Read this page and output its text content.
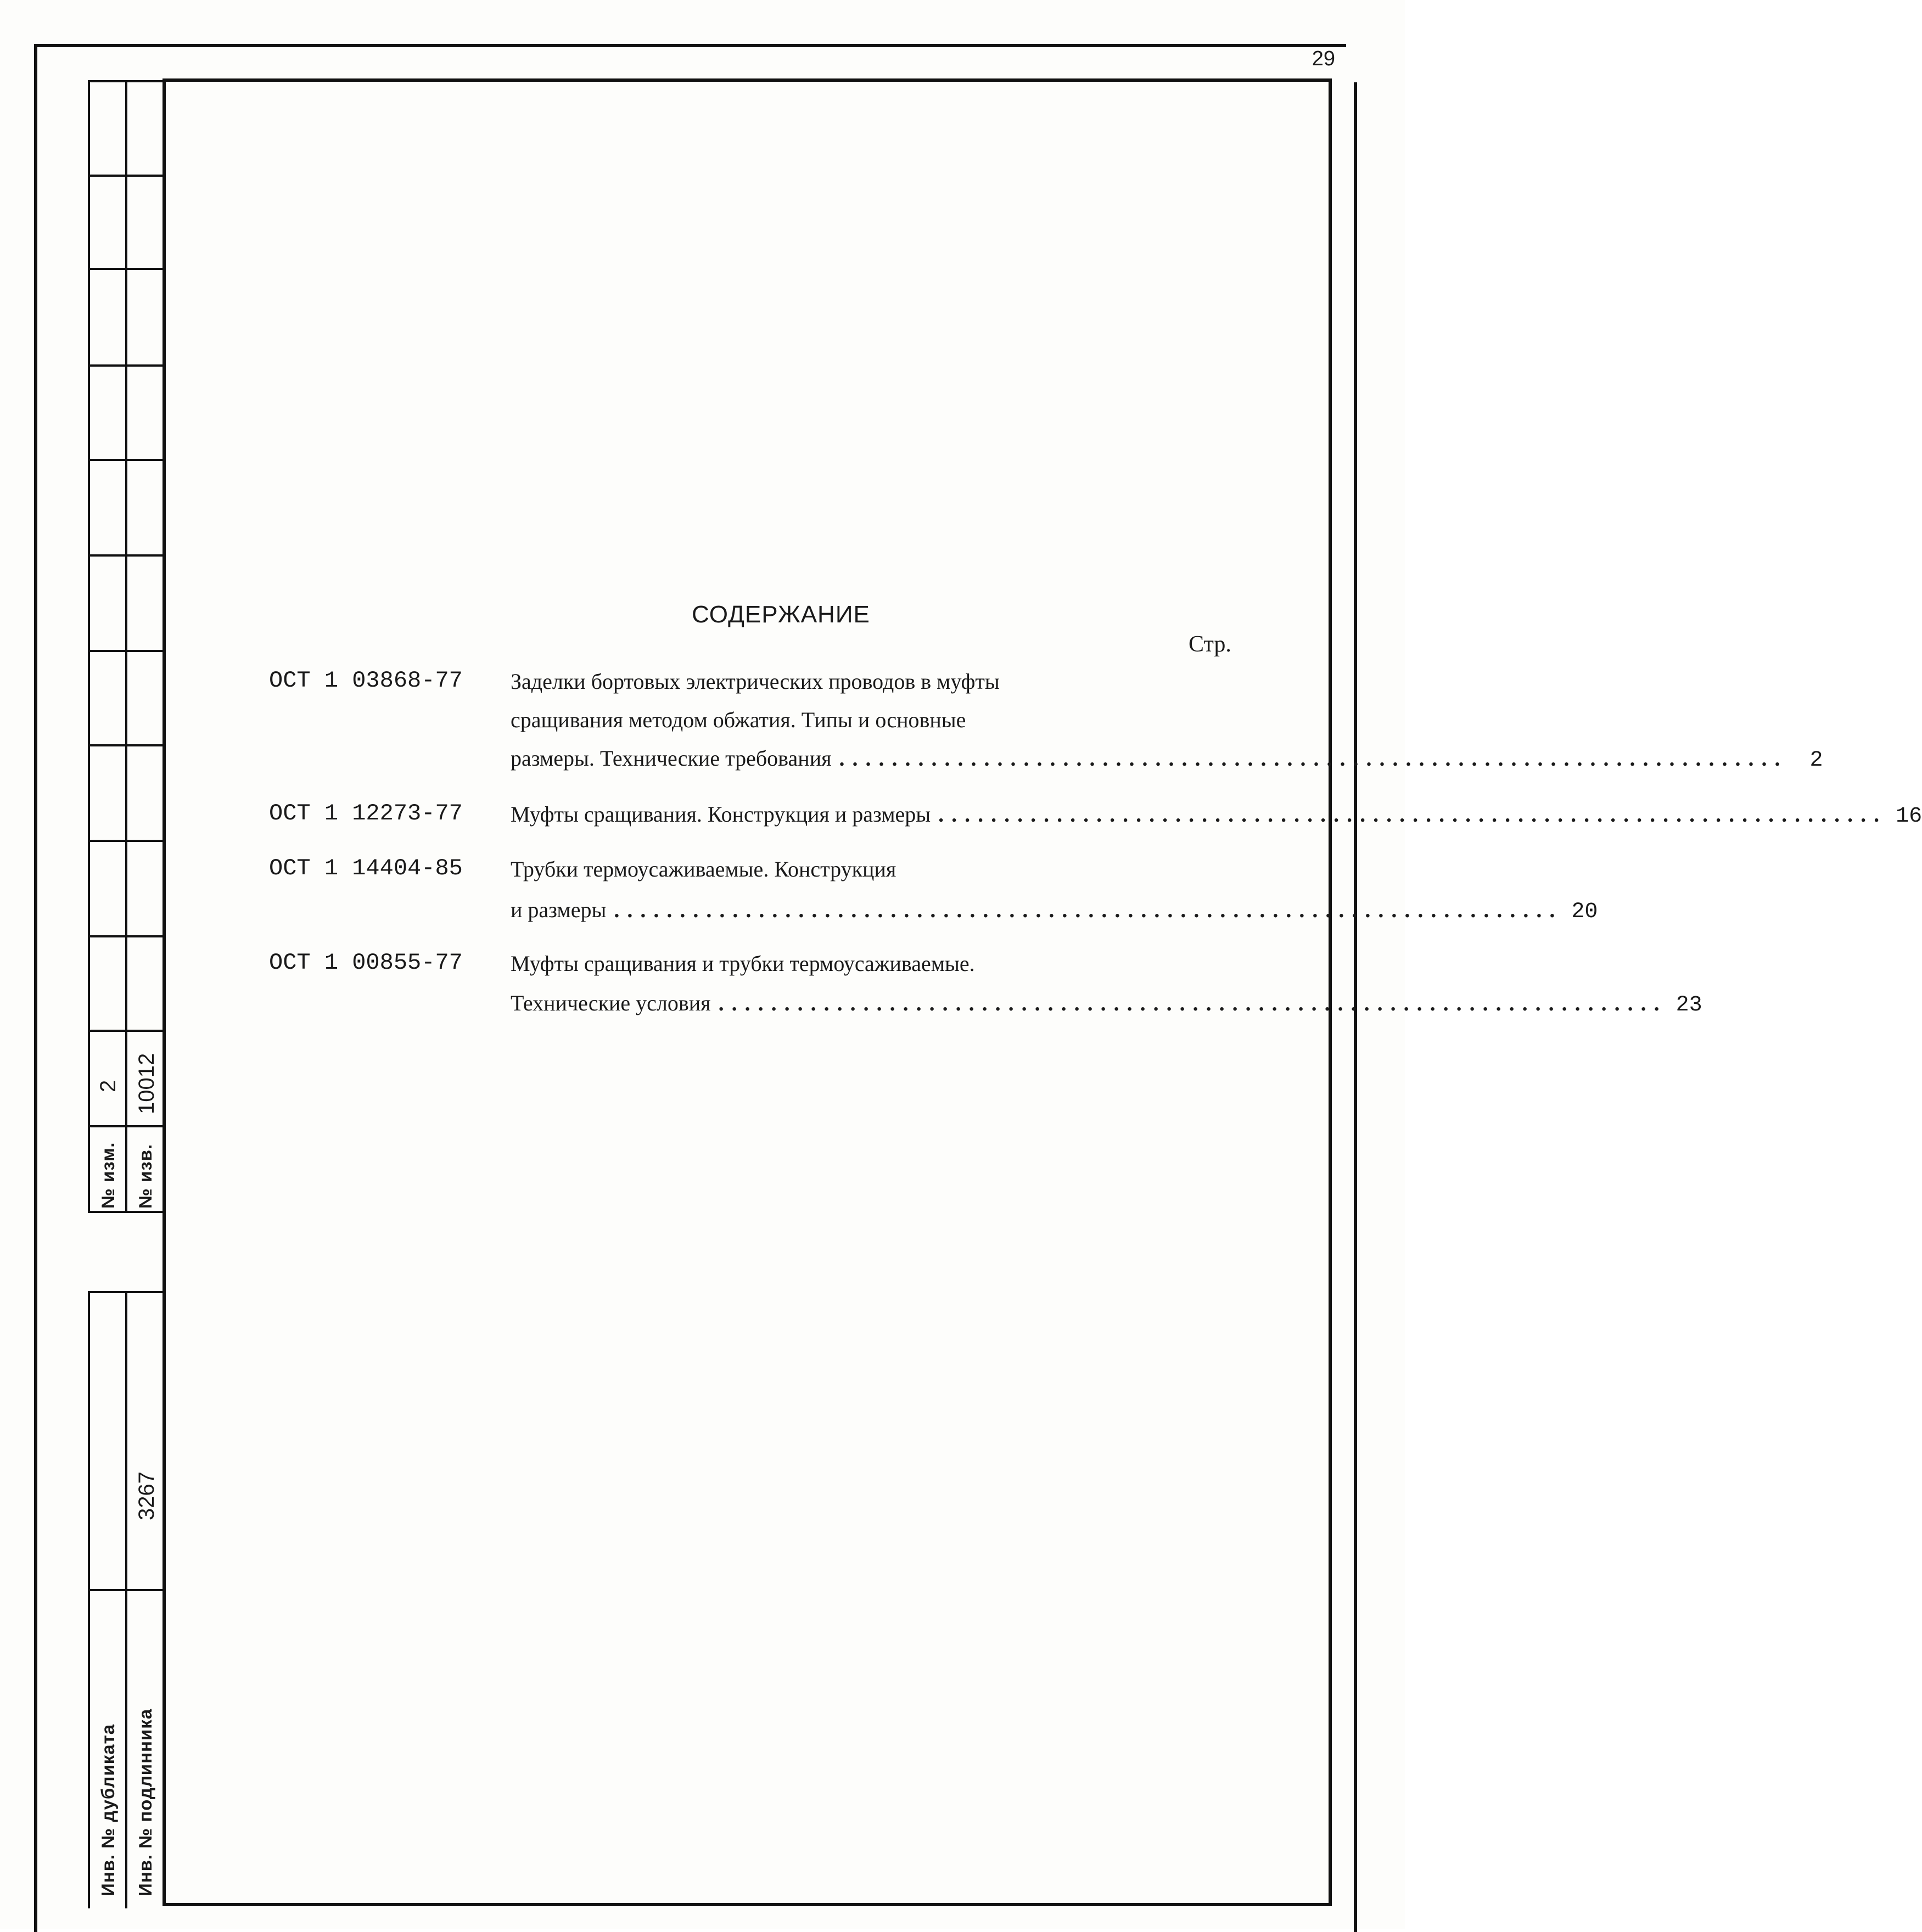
29
№ изм. № изв.
2 10012
Инв. № дубликата Инв. № подлинника
3267
СОДЕРЖАНИЕ
Стр.
ОСТ 1 03868-77 Заделки бортовых электрических проводов в муфты
сращивания методом обжатия. Типы и основные
размеры. Технические требования ........................................................................ 2
ОСТ 1 12273-77 Муфты сращивания. Конструкция и размеры ........................................................................ 16
ОСТ 1 14404-85 Трубки термоусаживаемые. Конструкция
и размеры ........................................................................ 20
ОСТ 1 00855-77 Муфты сращивания и трубки термоусаживаемые.
Технические условия ........................................................................ 23
